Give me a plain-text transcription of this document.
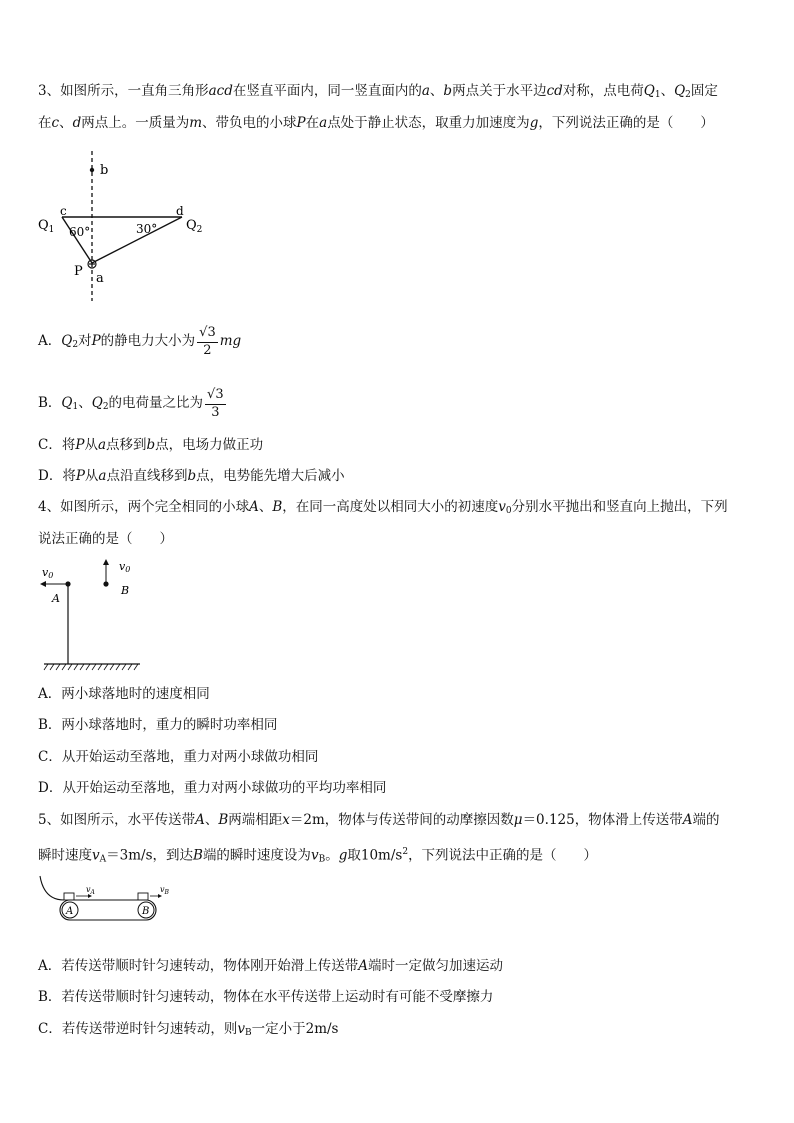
3、如图所示，一直角三角形acd在竖直平面内，同一竖直面内的a、b两点关于水平边cd对称，点电荷$Q_1$、$Q_2$固定
在c、d两点上。一质量为m、带负电的小球P在a点处于静止状态，取重力加速度为g，下列说法正确的是（　　）
b
c	d
$Q_1$	$Q_2$
60°	30°
P a
A．$Q_2$对P的静电力大小为 $\frac{√3}{2}$ mg
B．$Q_1$、$Q_2$的电荷量之比为 $\frac{√3}{3}$
C．将P从a点移到b点，电场力做正功
D．将P从a点沿直线移到b点，电势能先增大后减小
4、如图所示，两个完全相同的小球A、B，在同一高度处以相同大小的初速度$v_0$分别水平抛出和竖直向上抛出，下列
说法正确的是（　　）
v0
A
v0
B
A．两小球落地时的速度相同
B．两小球落地时，重力的瞬时功率相同
C．从开始运动至落地，重力对两小球做功相同
D．从开始运动至落地，重力对两小球做功的平均功率相同
5、如图所示，水平传送带A、B两端相距x＝2m，物体与传送带间的动摩擦因数μ＝0.125，物体滑上传送带A端的
瞬时速度$v_A=3m/s$，到达B端的瞬时速度设为$v_B$。g取$10m/s^2$，下列说法中正确的是（　　）
$v_A$	$v_B$
A	B
A．若传送带顺时针匀速转动，物体刚开始滑上传送带A端时一定做匀加速运动
B．若传送带顺时针匀速转动，物体在水平传送带上运动时有可能不受摩擦力
C．若传送带逆时针匀速转动，则$v_B$一定小于2m/s
